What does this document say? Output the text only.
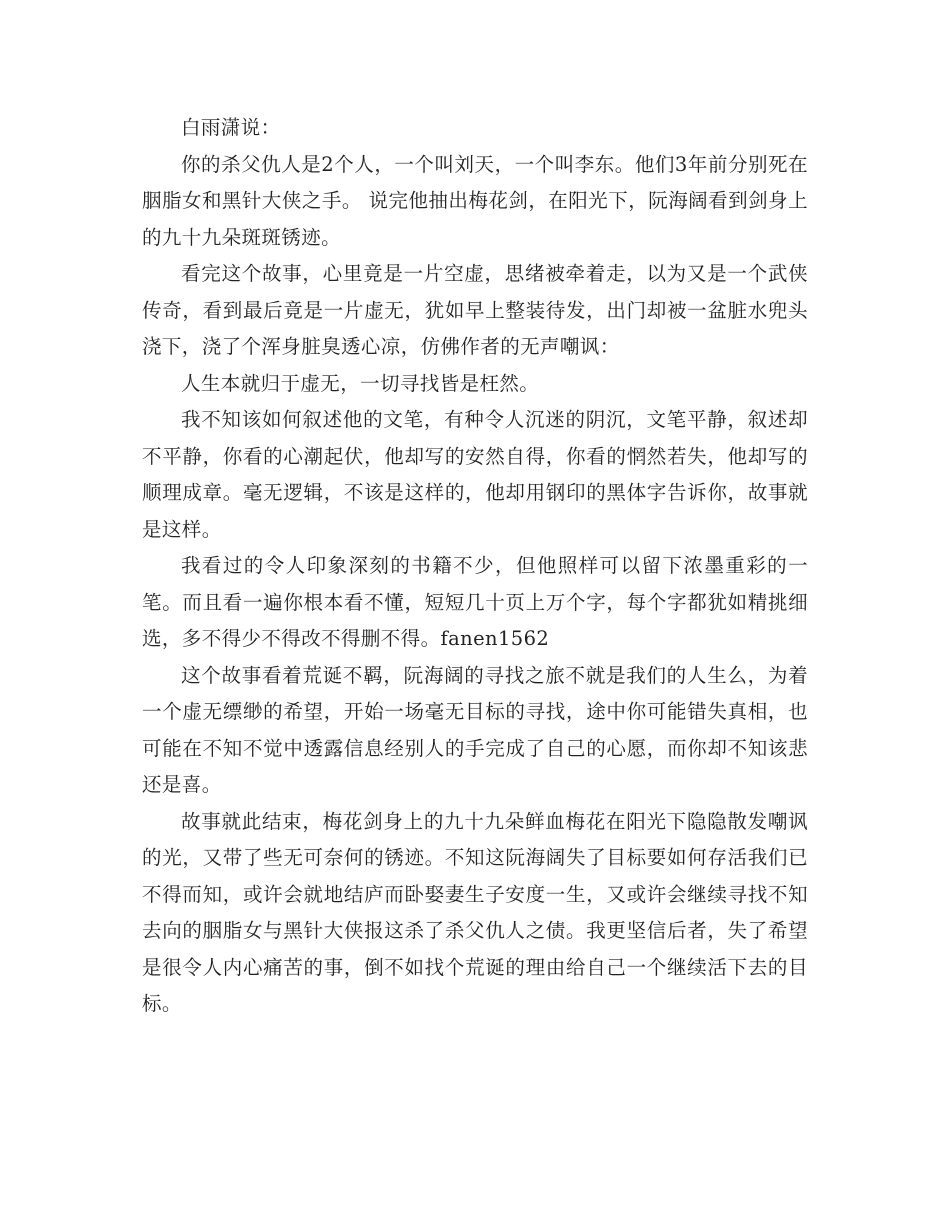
白雨潇说：

你的杀父仇人是2个人，一个叫刘天，一个叫李东。他们3年前分别死在胭脂女和黑针大侠之手。 说完他抽出梅花剑，在阳光下，阮海阔看到剑身上的九十九朵斑斑锈迹。

看完这个故事，心里竟是一片空虚，思绪被牵着走，以为又是一个武侠传奇，看到最后竟是一片虚无，犹如早上整装待发，出门却被一盆脏水兜头浇下，浇了个浑身脏臭透心凉，仿佛作者的无声嘲讽：

人生本就归于虚无，一切寻找皆是枉然。

我不知该如何叙述他的文笔，有种令人沉迷的阴沉，文笔平静，叙述却不平静，你看的心潮起伏，他却写的安然自得，你看的惘然若失，他却写的顺理成章。毫无逻辑，不该是这样的，他却用钢印的黑体字告诉你，故事就是这样。

我看过的令人印象深刻的书籍不少，但他照样可以留下浓墨重彩的一笔。而且看一遍你根本看不懂，短短几十页上万个字，每个字都犹如精挑细选，多不得少不得改不得删不得。fanen1562

这个故事看着荒诞不羁，阮海阔的寻找之旅不就是我们的人生么，为着一个虚无缥缈的希望，开始一场毫无目标的寻找，途中你可能错失真相，也可能在不知不觉中透露信息经别人的手完成了自己的心愿，而你却不知该悲还是喜。

故事就此结束，梅花剑身上的九十九朵鲜血梅花在阳光下隐隐散发嘲讽的光，又带了些无可奈何的锈迹。不知这阮海阔失了目标要如何存活我们已不得而知，或许会就地结庐而卧娶妻生子安度一生，又或许会继续寻找不知去向的胭脂女与黑针大侠报这杀了杀父仇人之债。我更坚信后者，失了希望是很令人内心痛苦的事，倒不如找个荒诞的理由给自己一个继续活下去的目标。
